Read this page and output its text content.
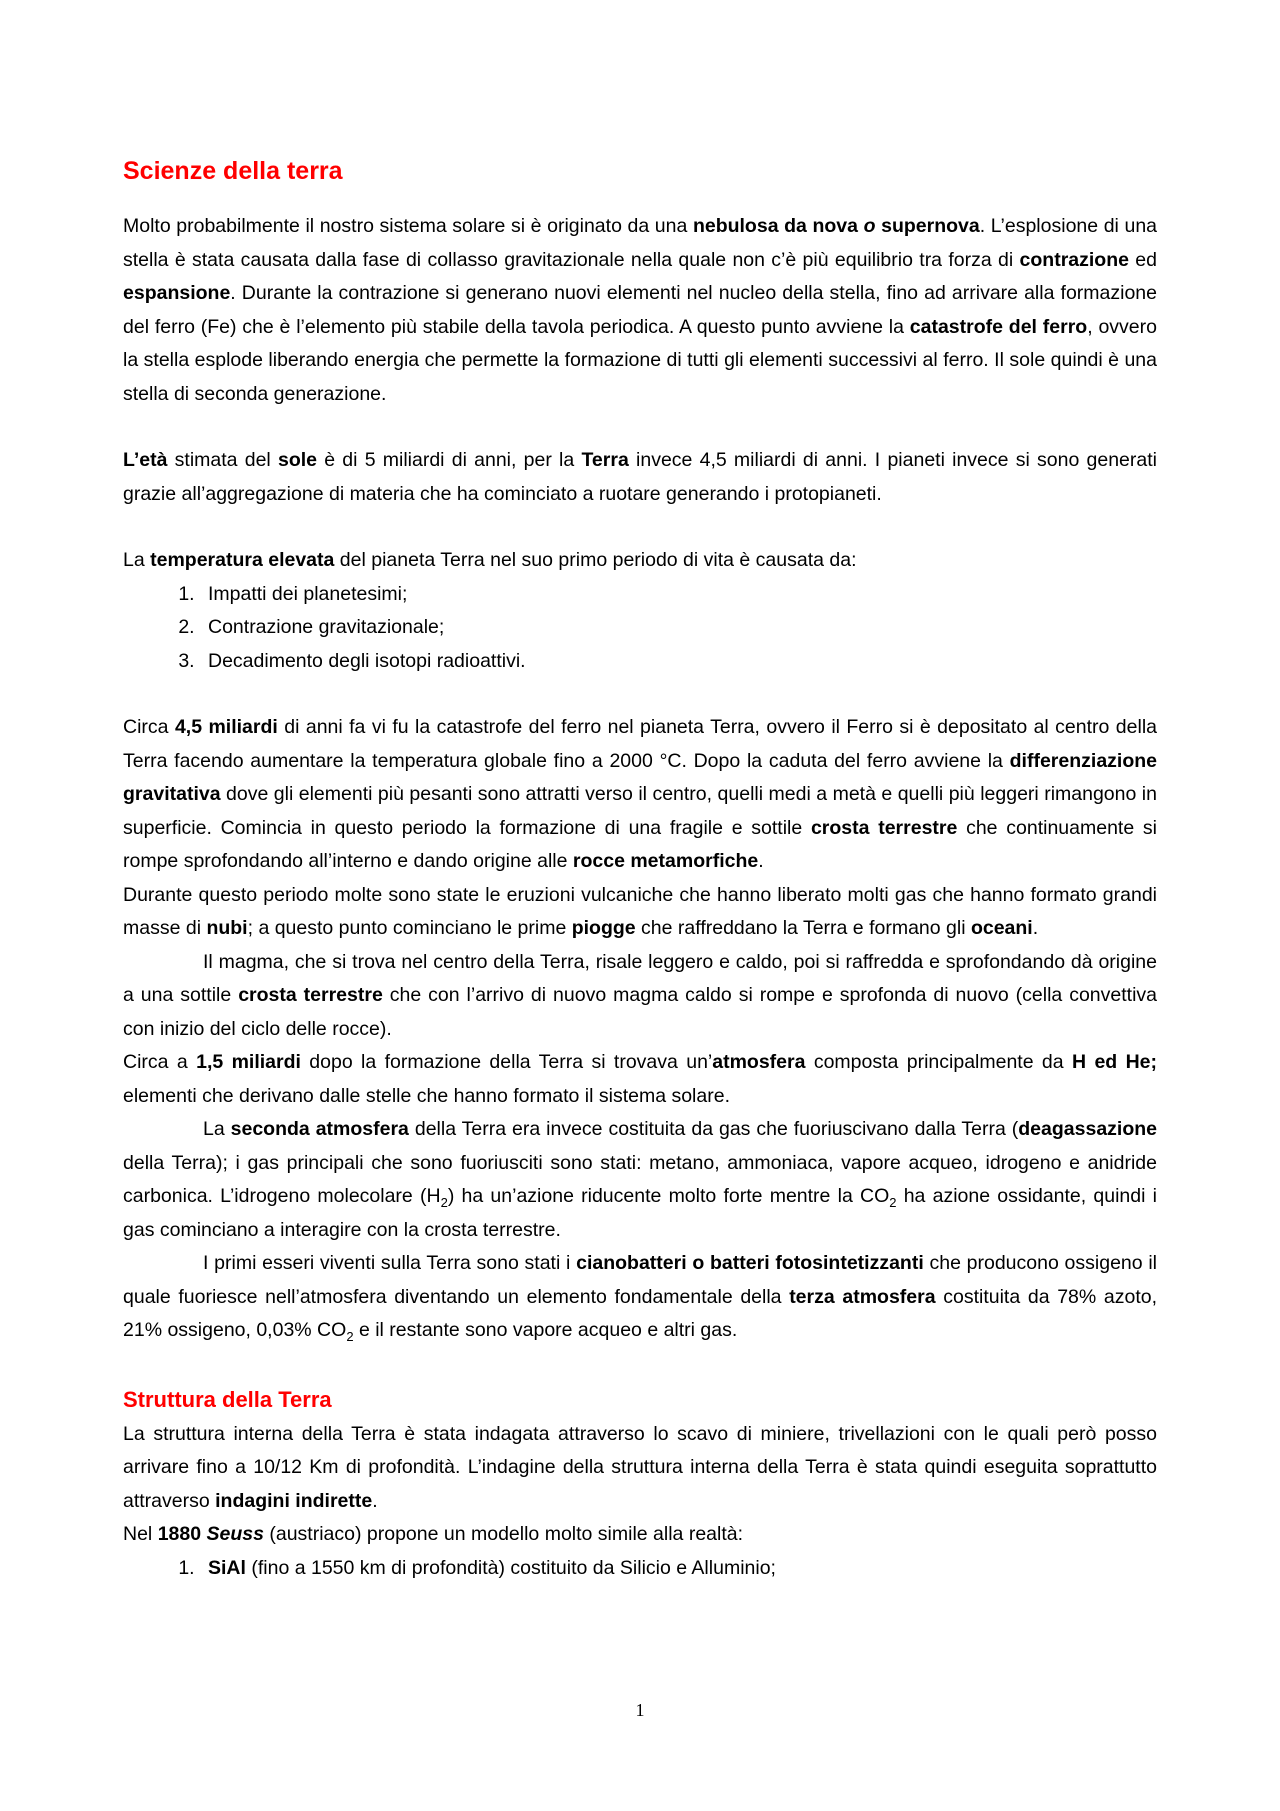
Scienze della terra

Molto probabilmente il nostro sistema solare si è originato da una nebulosa da nova o supernova. L’esplosione di una stella è stata causata dalla fase di collasso gravitazionale nella quale non c’è più equilibrio tra forza di contrazione ed espansione. Durante la contrazione si generano nuovi elementi nel nucleo della stella, fino ad arrivare alla formazione del ferro (Fe) che è l’elemento più stabile della tavola periodica. A questo punto avviene la catastrofe del ferro, ovvero la stella esplode liberando energia che permette la formazione di tutti gli elementi successivi al ferro. Il sole quindi è una stella di seconda generazione.

L’età stimata del sole è di 5 miliardi di anni, per la Terra invece 4,5 miliardi di anni. I pianeti invece si sono generati grazie all’aggregazione di materia che ha cominciato a ruotare generando i protopianeti.

La temperatura elevata del pianeta Terra nel suo primo periodo di vita è causata da:

1. Impatti dei planetesimi;
2. Contrazione gravitazionale;
3. Decadimento degli isotopi radioattivi.

Circa 4,5 miliardi di anni fa vi fu la catastrofe del ferro nel pianeta Terra, ovvero il Ferro si è depositato al centro della Terra facendo aumentare la temperatura globale fino a 2000 °C. Dopo la caduta del ferro avviene la differenziazione gravitativa dove gli elementi più pesanti sono attratti verso il centro, quelli medi a metà e quelli più leggeri rimangono in superficie. Comincia in questo periodo la formazione di una fragile e sottile crosta terrestre che continuamente si rompe sprofondando all’interno e dando origine alle rocce metamorfiche.

Durante questo periodo molte sono state le eruzioni vulcaniche che hanno liberato molti gas che hanno formato grandi masse di nubi; a questo punto cominciano le prime piogge che raffreddano la Terra e formano gli oceani.

Il magma, che si trova nel centro della Terra, risale leggero e caldo, poi si raffredda e sprofondando dà origine a una sottile crosta terrestre che con l’arrivo di nuovo magma caldo si rompe e sprofonda di nuovo (cella convettiva con inizio del ciclo delle rocce).

Circa a 1,5 miliardi dopo la formazione della Terra si trovava un’atmosfera composta principalmente da H ed He; elementi che derivano dalle stelle che hanno formato il sistema solare.

La seconda atmosfera della Terra era invece costituita da gas che fuoriuscivano dalla Terra (deagassazione della Terra); i gas principali che sono fuoriusciti sono stati: metano, ammoniaca, vapore acqueo, idrogeno e anidride carbonica. L’idrogeno molecolare $(H_2)$ ha un’azione riducente molto forte mentre la $CO_2$ ha azione ossidante, quindi i gas cominciano a interagire con la crosta terrestre.

I primi esseri viventi sulla Terra sono stati i cianobatteri o batteri fotosintetizzanti che producono ossigeno il quale fuoriesce nell’atmosfera diventando un elemento fondamentale della terza atmosfera costituita da 78% azoto, 21% ossigeno, 0,03% $CO_2$ e il restante sono vapore acqueo e altri gas.

Struttura della Terra

La struttura interna della Terra è stata indagata attraverso lo scavo di miniere, trivellazioni con le quali però posso arrivare fino a 10/12 Km di profondità. L’indagine della struttura interna della Terra è stata quindi eseguita soprattutto attraverso indagini indirette.

Nel 1880 Seuss (austriaco) propone un modello molto simile alla realtà:

1. SiAl (fino a 1550 km di profondità) costituito da Silicio e Alluminio;
1
